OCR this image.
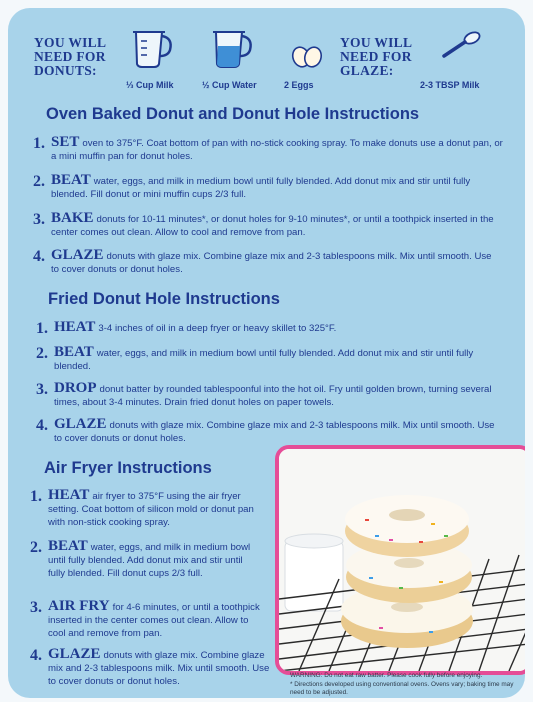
YOU WILL
NEED FOR
DONUTS:
⅓ Cup Milk	½ Cup Water	2 Eggs
YOU WILL
NEED FOR
GLAZE:
2-3 TBSP Milk
Oven Baked Donut and Donut Hole Instructions
1. SET oven to 375°F. Coat bottom of pan with no-stick cooking spray. To make donuts use a donut pan, or a mini muffin pan for donut holes.
2. BEAT water, eggs, and milk in medium bowl until fully blended. Add donut mix and stir until fully blended. Fill donut or mini muffin cups 2/3 full.
3. BAKE donuts for 10-11 minutes*, or donut holes for 9-10 minutes*, or until a toothpick inserted in the center comes out clean. Allow to cool and remove from pan.
4. GLAZE donuts with glaze mix. Combine glaze mix and 2-3 tablespoons milk. Mix until smooth. Use to cover donuts or donut holes.
Fried Donut Hole Instructions
1. HEAT 3-4 inches of oil in a deep fryer or heavy skillet to 325°F.
2. BEAT water, eggs, and milk in medium bowl until fully blended. Add donut mix and stir until fully blended.
3. DROP donut batter by rounded tablespoonful into the hot oil. Fry until golden brown, turning several times, about 3-4 minutes. Drain fried donut holes on paper towels.
4. GLAZE donuts with glaze mix. Combine glaze mix and 2-3 tablespoons milk. Mix until smooth. Use to cover donuts or donut holes.
Air Fryer Instructions
1. HEAT air fryer to 375°F using the air fryer setting. Coat bottom of silicon mold or donut pan with non-stick cooking spray.
2. BEAT water, eggs, and milk in medium bowl until fully blended. Add donut mix and stir until fully blended. Fill donut cups 2/3 full.
3. AIR FRY for 4-6 minutes, or until a toothpick inserted in the center comes out clean. Allow to cool and remove from pan.
4. GLAZE donuts with glaze mix. Combine glaze mix and 2-3 tablespoons milk. Mix until smooth. Use to cover donuts or donut holes.
WARNING: Do not eat raw batter. Please cook fully before enjoying.
* Directions developed using conventional ovens. Ovens vary; baking time may need to be adjusted.
